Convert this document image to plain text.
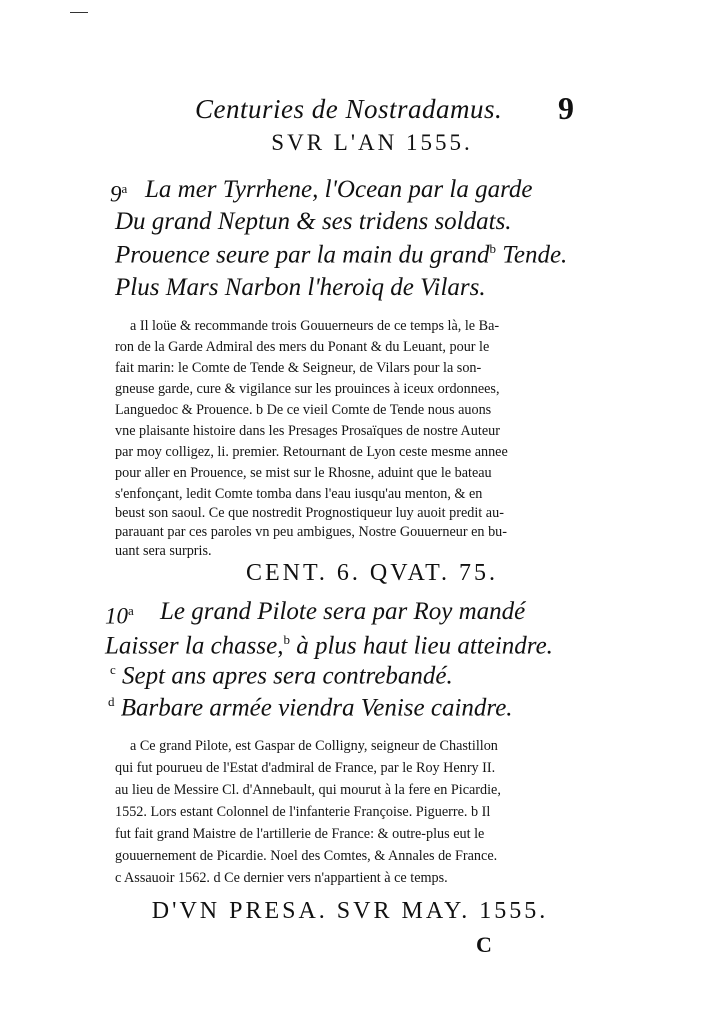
Centuries de Nostradamus. 9
SVR L'AN 1555.
9$^a$ La mer Tyrrhene, l'Ocean par la garde
Du grand Neptun & ses tridens soldats.
Prouence seure par la main du grand$^b$ Tende.
Plus Mars Narbon l'heroiq de Vilars.
a Il loüe & recommande trois Gouuerneurs de ce temps là, le Ba-
ron de la Garde Admiral des mers du Ponant & du Leuant, pour le
fait marin: le Comte de Tende & Seigneur, de Vilars pour la son-
gneuse garde, cure & vigilance sur les prouinces à iceux ordonnees,
Languedoc & Prouence. b De ce vieil Comte de Tende nous auons
vne plaisante histoire dans les Presages Prosaïques de nostre Auteur
par moy colligez, li. premier. Retournant de Lyon ceste mesme annee
pour aller en Prouence, se mist sur le Rhosne, aduint que le bateau
s'enfonçant, ledit Comte tomba dans l'eau iusqu'au menton, & en
beust son saoul. Ce que nostredit Prognostiqueur luy auoit predit au-
parauant par ces paroles vn peu ambigues, Nostre Gouuerneur en bu-
uant sera surpris.
CENT. 6. QVAT. 75.
10$^a$ Le grand Pilote sera par Roy mandé
Laisser la chasse,$^b$ à plus haut lieu atteindre.
$^c$ Sept ans apres sera contrebandé.
$^d$ Barbare armée viendra Venise caindre.
a Ce grand Pilote, est Gaspar de Colligny, seigneur de Chastillon
qui fut pourueu de l'Estat d'admiral de France, par le Roy Henry II.
au lieu de Messire Cl. d'Annebault, qui mourut à la fere en Picardie,
1552. Lors estant Colonnel de l'infanterie Françoise. Piguerre. b Il
fut fait grand Maistre de l'artillerie de France: & outre-plus eut le
gouuernement de Picardie. Noel des Comtes, & Annales de France.
c Assauoir 1562. d Ce dernier vers n'appartient à ce temps.
D'VN PRESA. SVR MAY. 1555.
C
